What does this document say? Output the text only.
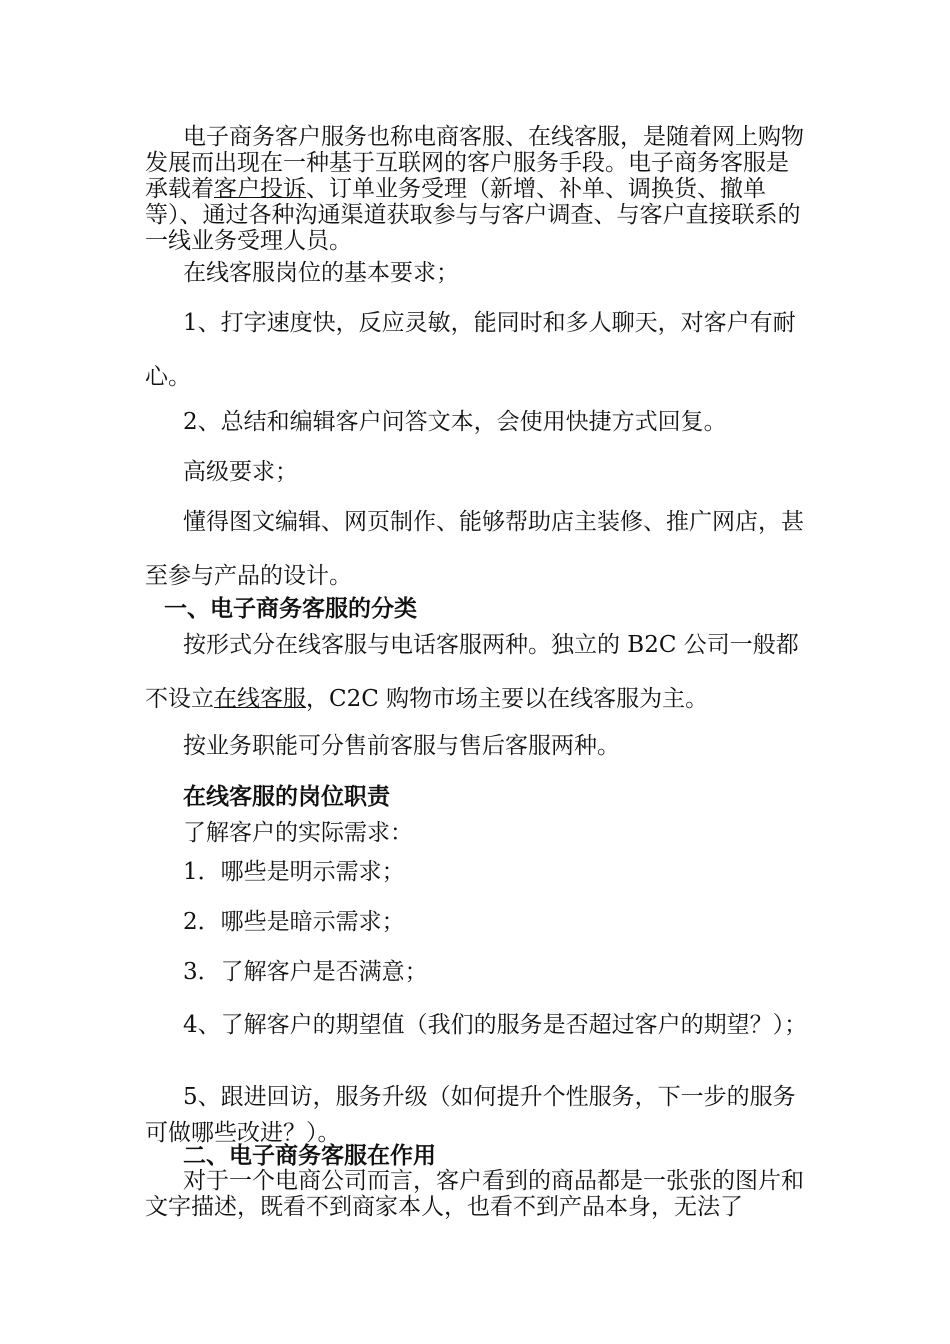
电子商务客户服务也称电商客服、在线客服，是随着网上购物发展而出现在一种基于互联网的客户服务手段。电子商务客服是承载着客户投诉、订单业务受理（新增、补单、调换货、撤单等）、通过各种沟通渠道获取参与与客户调查、与客户直接联系的一线业务受理人员。

在线客服岗位的基本要求；

1、打字速度快，反应灵敏，能同时和多人聊天，对客户有耐心。

2、总结和编辑客户问答文本，会使用快捷方式回复。

高级要求；

懂得图文编辑、网页制作、能够帮助店主装修、推广网店，甚至参与产品的设计。

一、电子商务客服的分类

按形式分在线客服与电话客服两种。独立的 B2C 公司一般都不设立在线客服，C2C 购物市场主要以在线客服为主。

按业务职能可分售前客服与售后客服两种。

在线客服的岗位职责

了解客户的实际需求：

1．哪些是明示需求；

2．哪些是暗示需求；

3．了解客户是否满意；

4、了解客户的期望值（我们的服务是否超过客户的期望？）；

5、跟进回访，服务升级（如何提升个性服务，下一步的服务可做哪些改进？）。

二、电子商务客服在作用

对于一个电商公司而言，客户看到的商品都是一张张的图片和文字描述，既看不到商家本人，也看不到产品本身，无法了
